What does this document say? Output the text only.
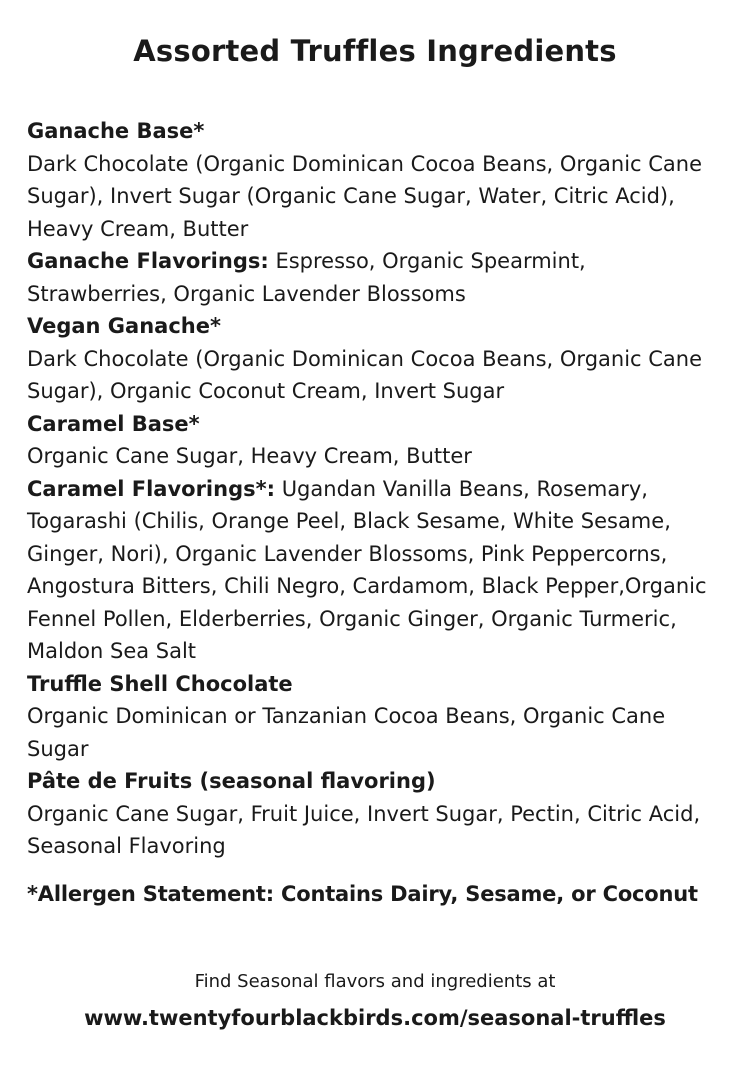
Assorted Truffles Ingredients
Ganache Base*
Dark Chocolate (Organic Dominican Cocoa Beans, Organic Cane Sugar), Invert Sugar (Organic Cane Sugar, Water, Citric Acid), Heavy Cream, Butter
Ganache Flavorings: Espresso, Organic Spearmint, Strawberries, Organic Lavender Blossoms
Vegan Ganache*
Dark Chocolate (Organic Dominican Cocoa Beans, Organic Cane Sugar), Organic Coconut Cream, Invert Sugar
Caramel Base*
Organic Cane Sugar, Heavy Cream, Butter
Caramel Flavorings*: Ugandan Vanilla Beans, Rosemary, Togarashi (Chilis, Orange Peel, Black Sesame, White Sesame, Ginger, Nori), Organic Lavender Blossoms, Pink Peppercorns, Angostura Bitters, Chili Negro, Cardamom, Black Pepper,Organic Fennel Pollen, Elderberries, Organic Ginger, Organic Turmeric, Maldon Sea Salt
Truffle Shell Chocolate
Organic Dominican or Tanzanian Cocoa Beans, Organic Cane Sugar
Pâte de Fruits (seasonal flavoring)
Organic Cane Sugar, Fruit Juice, Invert Sugar, Pectin, Citric Acid, Seasonal Flavoring
*Allergen Statement: Contains Dairy, Sesame, or Coconut
Find Seasonal flavors and ingredients at
www.twentyfourblackbirds.com/seasonal-truffles
